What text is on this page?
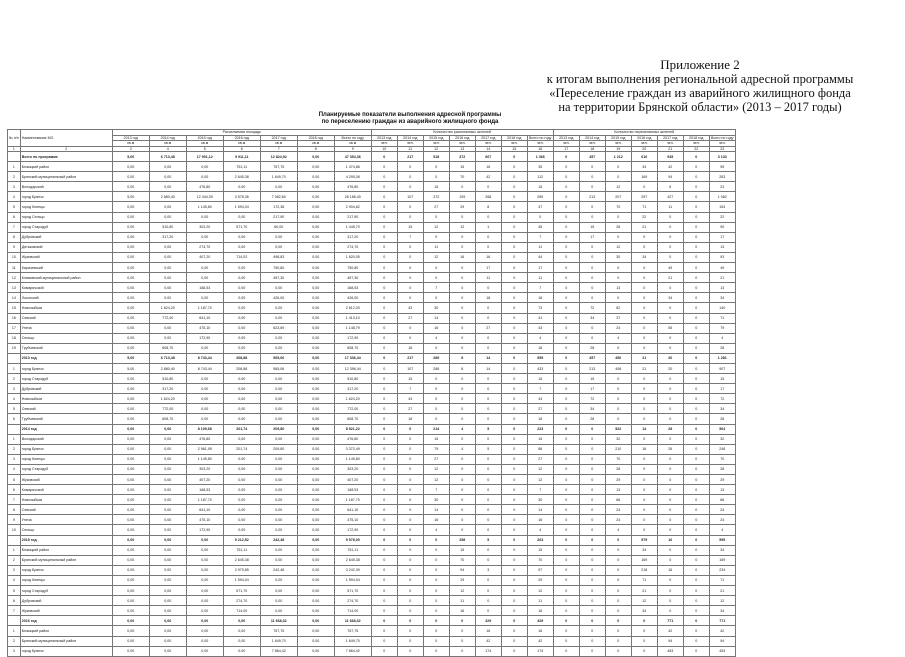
Приложение 2
к итогам выполнения региональной адресной программы
«Переселение граждан из аварийного жилищного фонда
на территории Брянской области» (2013 – 2017 годы)
Планируемые показатели выполнения адресной программы
по переселению граждан из аварийного жилищного фонда
№ п/п	Наименование МО	Расселяемая площадь							Количество расселяемых жителей							Количество переселяемых жителей						
		2013 год	2014 год	2015 год	2016 год	2017 год	2018 год	Всего по году	2013 год	2014 год	2015 год	2016 год	2017 год	2018 год	Всего по году	2013 год	2014 год	2015 год	2016 год	2017 год	2018 год	Всего по году
		кв.м	кв.м	кв.м	кв.м	кв.м	кв.м	кв.м	чел.	чел.	чел.	чел.	чел.	чел.	чел.	чел.	чел.	чел.	чел.	чел.	чел.	чел.
1	2	3	4	5	6	7	8	9	10	11	12	13	14	15	16	17	18	19	20	21	22	23
	Всего по программе	5,00	6 713,48	17 901,12	9 911,11	12 824,92	0,00	47 354,36	0	217	518	372	667	0	1 366	0	457	1 212	616	945	0	3 133
1	Бежицкий район	0,00	0,00	0,00	751,11	757,75	0,00	1 474,86	0	0	0	15	16	0	35	0	0	0	34	42	0	95
2	Брянский муниципальный район	0,00	0,00	0,00	2 645,38	1 649,70	0,00	4 295,08	0	0	0	70	42	0	112	0	0	0	169	94	0	263
3	Володарский	0,00	0,00	476,80	0,00	0,00	0,00	476,80	0	0	15	0	0	0	15	0	0	12	0	6	0	23
4	город Брянск	5,00	2 880,40	12 444,39	3 578,36	7 082,60	0,00	26 186,40	0	107	372	109	268	0	289	0	213	207	257	427	0	1 082
5	город Клинцы	0,00	0,00	1 145,80	1 594,04	172,38	0,00	2 904,82	0	0	27	29	8	0	37	0	0	70	71	11	0	154
6	город Сельцо	0,00	0,00	0,00	0,00	217,90	0,00	217,90	0	0	0	0	0	0	0	0	0	0	22	0	0	22
7	город Стародуб	0,00	510,80	303,20	571,70	60,00	0,00	1 445,70	0	15	12	12	1	0	45	0	15	28	21	0	0	90
8	Дубровский	0,00	317,20	0,00	0,00	0,00	0,00	317,20	0	7	0	0	0	0	7	0	17	0	0	0	0	17
9	Дятьковский	0,00	0,00	274,70	0,00	0,00	0,00	274,70	0	0	11	0	0	0	11	0	0	12	0	0	0	13
10	Жуковский	0,00	0,00	407,20	714,02	498,83	0,00	1 620,05	0	0	12	16	16	0	44	0	0	30	34	0	0	93
11	Карачевский	0,00	0,00	0,00	0,00	750,80	0,00	750,80	0	0	0	0	17	0	17	0	0	0	0	49	0	49
12	Климовский муниципальный район	0,00	0,00	0,00	0,00	457,30	0,00	457,30	0	0	0	0	11	0	11	0	0	0	0	21	0	21
13	Комаричский	0,00	0,00	168,53	0,00	0,00	0,00	168,53	0	0	7	0	0	0	7	0	0	13	0	0	0	13
14	Локотский	0,00	0,00	0,00	0,00	426,00	0,00	426,00	0	0	0	0	18	0	18	0	0	0	0	34	0	34
15	Новозыбков	0,00	1 624,20	1 187,70	0,00	0,00	0,00	2 812,00	0	43	30	0	0	0	73	0	72	62	0	0	0	140
16	Севский	0,00	772,00	641,10	0,00	0,00	0,00	1 413,10	0	27	14	0	0	0	41	0	34	37	0	0	0	71
17	Унеча	0,00	0,00	475,10	0,00	623,69	0,00	1 148,79	0	0	16	0	27	0	43	0	0	24	0	55	0	79
18	Сельцо	0,00	0,00	172,90	0,00	0,00	0,00	172,90	0	0	4	0	0	0	4	0	0	4	0	0	0	4
19	Трубчевский	0,00	608,70	0,00	0,00	0,00	0,00	608,70	0	18	0	0	0	0	18	0	28	0	0	0	0	28
	2013 год	5,00	6 713,48	8 743,44	208,88	565,06	0,00	17 336,44	0	217	289	8	14	0	555	0	457	456	21	20	0	1 281
1	город Брянск	5,00	2 880,40	8 743,44	208,88	565,06	0,00	12 396,44	0	107	288	8	14	0	433	0	213	408	21	20	0	907
2	город Стародуб	0,00	510,80	0,00	0,00	0,00	0,00	510,80	0	15	0	0	0	0	15	0	15	0	0	0	0	15
3	Дубровский	0,00	317,20	0,00	0,00	0,00	0,00	317,20	0	7	0	0	0	0	7	0	17	0	0	0	0	17
4	Новозыбков	0,00	1 624,20	0,00	0,00	0,00	0,00	1 624,20	0	43	0	0	0	0	43	0	72	0	0	0	0	72
5	Севский	0,00	772,00	0,00	0,00	0,00	0,00	772,00	0	27	0	0	0	0	27	0	34	0	0	0	0	34
6	Трубчевский	0,00	608,70	0,00	0,00	0,00	0,00	608,70	0	18	0	0	0	0	18	0	28	0	0	0	0	28
	2014 год	0,00	0,00	8 109,68	201,74	209,80	0,00	8 521,22	0	0	214	4	5	0	223	0	0	522	14	28	0	564
1	Володарский	0,00	0,00	476,80	0,00	0,00	0,00	476,80	0	0	15	0	0	0	15	0	0	32	0	0	0	32
2	город Брянск	0,00	0,00	2 961,95	201,74	209,80	0,00	3 373,49	0	0	79	4	5	0	88	0	0	210	16	26	0	248
3	город Клинцы	0,00	0,00	1 145,80	0,00	0,00	0,00	1 145,80	0	0	27	0	0	0	27	0	0	70	0	0	0	70
4	город Стародуб	0,00	0,00	303,20	0,00	0,00	0,00	303,20	0	0	12	0	0	0	12	0	0	28	0	0	0	28
5	Жуковский	0,00	0,00	407,20	0,00	0,00	0,00	407,20	0	0	12	0	0	0	12	0	0	29	0	0	0	29
6	Комаричский	0,00	0,00	168,53	0,00	0,00	0,00	168,53	0	0	7	0	0	0	7	0	0	13	0	0	0	13
7	Новозыбков	0,00	0,00	1 187,70	0,00	0,00	0,00	1 187,70	0	0	30	0	0	0	30	0	0	68	0	0	0	68
8	Севский	0,00	0,00	641,10	0,00	0,00	0,00	641,10	0	0	14	0	0	0	14	0	0	24	0	0	0	24
9	Унеча	0,00	0,00	475,10	0,00	0,00	0,00	475,10	0	0	16	0	0	0	16	0	0	24	0	0	0	24
10	Сельцо	0,00	0,00	172,90	0,00	0,00	0,00	172,90	0	0	4	0	0	0	4	0	0	4	0	0	0	4
	2015 год	0,00	0,00	0,00	9 212,52	242,48	0,00	9 578,00	0	0	0	258	5	0	263	0	0	0	579	16	0	595
1	Бежицкий район	0,00	0,00	0,00	751,11	0,00	0,00	751,11	0	0	0	15	0	0	15	0	0	0	34	0	0	34
2	Брянский муниципальный район	0,00	0,00	0,00	2 645,38	0,00	0,00	2 645,38	0	0	0	70	0	0	70	0	0	0	169	0	0	169
3	город Брянск	0,00	0,00	0,00	2 979,85	242,48	0,00	3 242,39	0	0	0	94	3	0	97	0	0	0	218	16	0	234
4	город Клинцы	0,00	0,00	0,00	1 594,04	0,00	0,00	1 594,04	0	0	0	29	0	0	29	0	0	0	71	0	0	71
5	город Стародуб	0,00	0,00	0,00	571,70	0,00	0,00	571,70	0	0	0	12	0	0	12	0	0	0	21	0	0	21
6	Дубровский	0,00	0,00	0,00	274,70	0,00	0,00	274,70	0	0	0	11	0	0	11	0	0	0	12	0	0	12
7	Жуковский	0,00	0,00	0,00	714,00	0,00	0,00	714,00	0	0	0	16	0	0	16	0	0	0	34	0	0	34
	2016 год	0,00	0,00	0,00	0,00	11 668,32	0,00	11 668,32	0	0	0	0	329	0	329	0	0	0	0	771	0	771
1	Бежицкий район	0,00	0,00	0,00	0,00	757,75	0,00	757,75	0	0	0	0	16	0	16	0	0	0	0	42	0	42
2	Брянский муниципальный район	0,00	0,00	0,00	0,00	1 649,70	0,00	1 649,70	0	0	0	0	42	0	42	0	0	0	0	94	0	94
3	город Брянск	0,00	0,00	0,00	0,00	7 864,42	0,00	7 864,42	0	0	0	0	174	0	174	0	0	0	0	453	0	453
